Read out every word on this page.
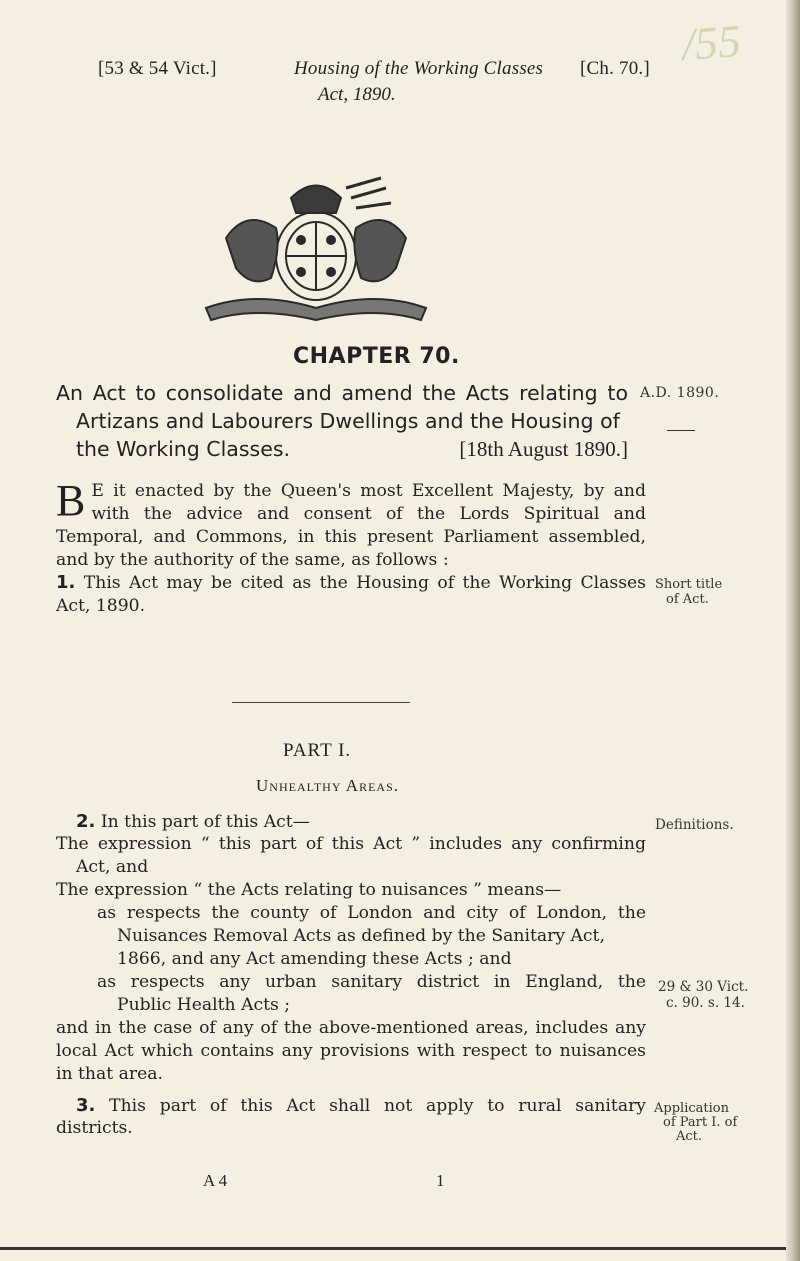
[53 & 54 Vict.]	Housing of the Working Classes [Ch. 70.]
Act, 1890.
/55
CHAPTER 70.
An Act to consolidate and amend the Acts relating to
Artizans and Labourers Dwellings and the Housing of
the Working Classes.	[18th August 1890.]
A.D. 1890.
B E it enacted by the Queen's most Excellent Majesty, by and with the advice and consent of the Lords Spiritual and Temporal, and Commons, in this present Parliament assembled, and by the authority of the same, as follows :
1. This Act may be cited as the Housing of the Working Classes Act, 1890.
Short title
of Act.
PART I.
Unhealthy Areas.
2. In this part of this Act—	Definitions.
The expression “ this part of this Act ” includes any confirming
Act, and
The expression “ the Acts relating to nuisances ” means—
as respects the county of London and city of London, the
Nuisances Removal Acts as defined by the Sanitary Act,
1866, and any Act amending these Acts ; and
as respects any urban sanitary district in England, the
Public Health Acts ;
and in the case of any of the above-mentioned areas, includes any
local Act which contains any provisions with respect to nuisances
in that area.
29 & 30 Vict.
c. 90. s. 14.
3. This part of this Act shall not apply to rural sanitary
districts.
Application
of Part I. of
Act.
A 4	1
